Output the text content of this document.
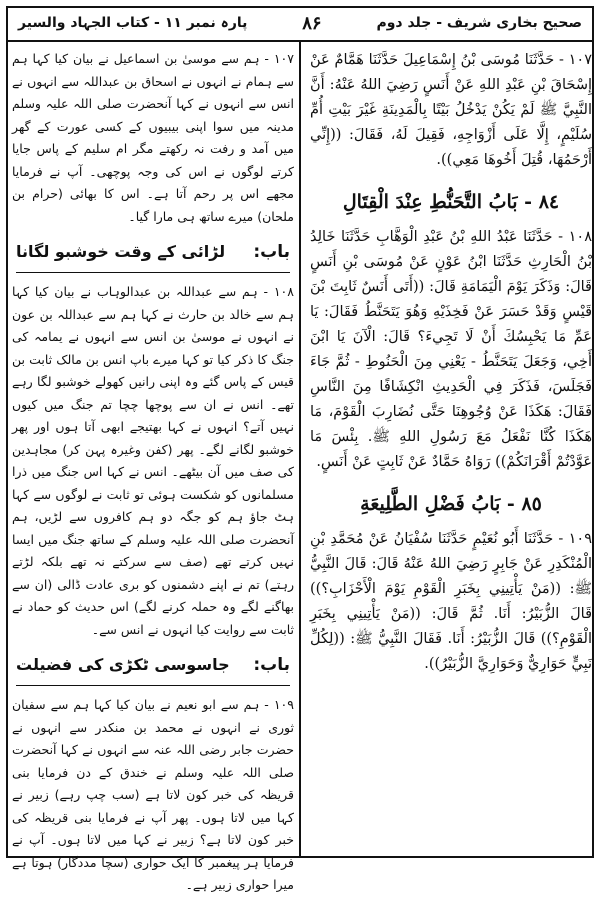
صحیح بخاری شریف - جلد دوم
۸۶
پارہ نمبر ۱۱ - کتاب الجہاد والسیر

١٠٧ - حَدَّثَنَا مُوسَى بْنُ إِسْمَاعِيلَ حَدَّثَنَا هَمَّامٌ عَنْ إِسْحَاقَ بْنِ عَبْدِ اللهِ عَنْ أَنَسٍ رَضِيَ اللهُ عَنْهُ: أَنَّ النَّبِيَّ ﷺ لَمْ يَكُنْ يَدْخُلُ بَيْتًا بِالْمَدِينَةِ غَيْرَ بَيْتِ أُمِّ سُلَيْمٍ، إِلَّا عَلَى أَزْوَاجِهِ، فَقِيلَ لَهُ، فَقَالَ: ((إِنِّي أَرْحَمُهَا، قُتِلَ أَخُوهَا مَعِي)).

٨٤ - بَابُ التَّحَنُّطِ عِنْدَ الْقِتَالِ

١٠٨ - حَدَّثَنَا عَبْدُ اللهِ بْنُ عَبْدِ الْوَهَّابِ حَدَّثَنَا خَالِدُ بْنُ الْحَارِثِ حَدَّثَنَا ابْنُ عَوْنٍ عَنْ مُوسَى بْنِ أَنَسٍ قَالَ: وَذَكَرَ يَوْمَ الْيَمَامَةِ قَالَ: ((أَتَى أَنَسٌ ثَابِتَ بْنَ قَيْسٍ وَقَدْ حَسَرَ عَنْ فَخِذَيْهِ وَهُوَ يَتَحَنَّطُ فَقَالَ: يَا عَمِّ مَا يَحْبِسُكَ أَنْ لَا تَجِيءَ؟ قَالَ: الْآنَ يَا ابْنَ أَخِي، وَجَعَلَ يَتَحَنَّطُ - يَعْنِي مِنَ الْحَنُوطِ - ثُمَّ جَاءَ فَجَلَسَ، فَذَكَرَ فِي الْحَدِيثِ انْكِشَافًا مِنَ النَّاسِ فَقَالَ: هَكَذَا عَنْ وُجُوهِنَا حَتَّى نُضَارِبَ الْقَوْمَ، مَا هَكَذَا كُنَّا نَفْعَلُ مَعَ رَسُولِ اللهِ ﷺ. بِئْسَ مَا عَوَّدْتُمْ أَقْرَانَكُمْ)) رَوَاهُ حَمَّادٌ عَنْ ثَابِتٍ عَنْ أَنَسٍ.

٨٥ - بَابُ فَضْلِ الطَّلِيعَةِ

١٠٩ - حَدَّثَنَا أَبُو نُعَيْمٍ حَدَّثَنَا سُفْيَانُ عَنْ مُحَمَّدِ بْنِ الْمُنْكَدِرِ عَنْ جَابِرٍ رَضِيَ اللهُ عَنْهُ قَالَ: قَالَ النَّبِيُّ ﷺ: ((مَنْ يَأْتِينِي بِخَبَرِ الْقَوْمِ يَوْمَ الْأَحْزَابِ؟)) قَالَ الزُّبَيْرُ: أَنَا. ثُمَّ قَالَ: ((مَنْ يَأْتِينِي بِخَبَرِ الْقَوْمِ؟)) قَالَ الزُّبَيْرُ: أَنَا. فَقَالَ النَّبِيُّ ﷺ: ((لِكُلِّ نَبِيٍّ حَوَارِيٌّ وَحَوَارِيَّ الزُّبَيْرُ)).

۱۰۷ - ہم سے موسیٰ بن اسماعیل نے بیان کیا کہا ہم سے ہمام نے انہوں نے اسحاق بن عبداللہ سے انہوں نے انس سے انہوں نے کہا آنحضرت صلی اللہ علیہ وسلم مدینہ میں سوا اپنی بیبیوں کے کسی عورت کے گھر میں آمد و رفت نہ رکھتے مگر ام سلیم کے پاس جایا کرتے لوگوں نے اس کی وجہ پوچھی۔ آپ نے فرمایا مجھے اس پر رحم آتا ہے۔ اس کا بھائی (حرام بن ملحان) میرے ساتھ ہی مارا گیا۔

باب:
لڑائی کے وقت خوشبو لگانا

۱۰۸ - ہم سے عبداللہ بن عبدالوہاب نے بیان کیا کہا ہم سے خالد بن حارث نے کہا ہم سے عبداللہ بن عون نے انہوں نے موسیٰ بن انس سے انہوں نے یمامہ کی جنگ کا ذکر کیا تو کہا میرے باپ انس بن مالک ثابت بن قیس کے پاس گئے وہ اپنی رانیں کھولے خوشبو لگا رہے تھے۔ انس نے ان سے پوچھا چچا تم جنگ میں کیوں نہیں آتے؟ انہوں نے کہا بھتیجے ابھی آتا ہوں اور پھر خوشبو لگانے لگے۔ پھر (کفن وغیرہ پہن کر) مجاہدین کی صف میں آن بیٹھے۔ انس نے کہا اس جنگ میں ذرا مسلمانوں کو شکست ہوئی تو ثابت نے لوگوں سے کہا ہٹ جاؤ ہم کو جگہ دو ہم کافروں سے لڑیں، ہم آنحضرت صلی اللہ علیہ وسلم کے ساتھ جنگ میں ایسا نہیں کرتے تھے (صف سے سرکتے نہ تھے بلکہ لڑتے رہتے) تم نے اپنے دشمنوں کو بری عادت ڈالی (ان سے بھاگنے لگے وہ حملہ کرنے لگے) اس حدیث کو حماد نے ثابت سے روایت کیا انہوں نے انس سے۔

باب:
جاسوسی ٹکڑی کی فضیلت

۱۰۹ - ہم سے ابو نعیم نے بیان کیا کہا ہم سے سفیان ثوری نے انہوں نے محمد بن منکدر سے انہوں نے حضرت جابر رضی اللہ عنہ سے انہوں نے کہا آنحضرت صلی اللہ علیہ وسلم نے خندق کے دن فرمایا بنی قریظہ کی خبر کون لاتا ہے (سب چپ رہے) زبیر نے کہا میں لاتا ہوں۔ پھر آپ نے فرمایا بنی قریظہ کی خبر کون لاتا ہے؟ زبیر نے کہا میں لاتا ہوں۔ آپ نے فرمایا ہر پیغمبر کا ایک حواری (سچا مددگار) ہوتا ہے میرا حواری زبیر ہے۔
